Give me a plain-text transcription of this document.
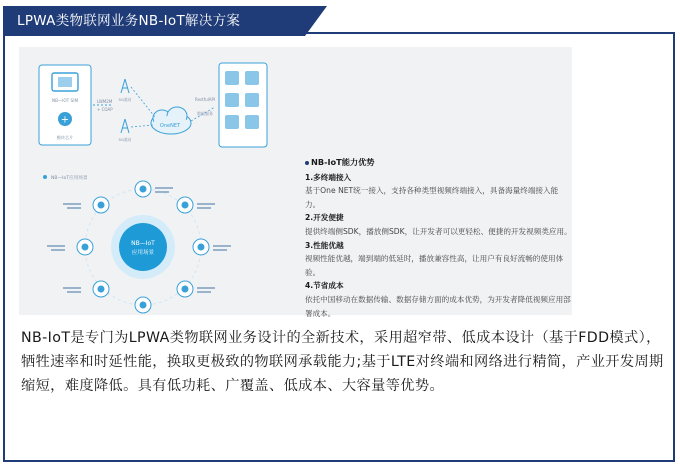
LPWA类物联网业务NB-IoT解决方案
NB—IOT SIM
+
模块芯片
LWM2M
+ COAP
5G基站
5G基站
OneNET
RestfulAPI
数据服务
NB—IoT应用场景
NB—IoT
应用场景
NB-IoT能力优势
1.多终端接入
基于One NET统一接入，支持各种类型视频终端接入，具备海量终端接入能力。
2.开发便捷
提供终端侧SDK，播放侧SDK，让开发者可以更轻松、便捷的开发视频类应用。
3.性能优越
视频性能优越，端到端的低延时，播放兼容性高，让用户有良好流畅的使用体验。
4.节省成本
依托中国移动在数据传输、数据存储方面的成本优势，为开发者降低视频应用部署成本。
NB-IoT是专门为LPWA类物联网业务设计的全新技术，采用超窄带、低成本设计（基于FDD模式），牺牲速率和时延性能，换取更极致的物联网承载能力;基于LTE对终端和网络进行精简，产业开发周期缩短，难度降低。具有低功耗、广覆盖、低成本、大容量等优势。
